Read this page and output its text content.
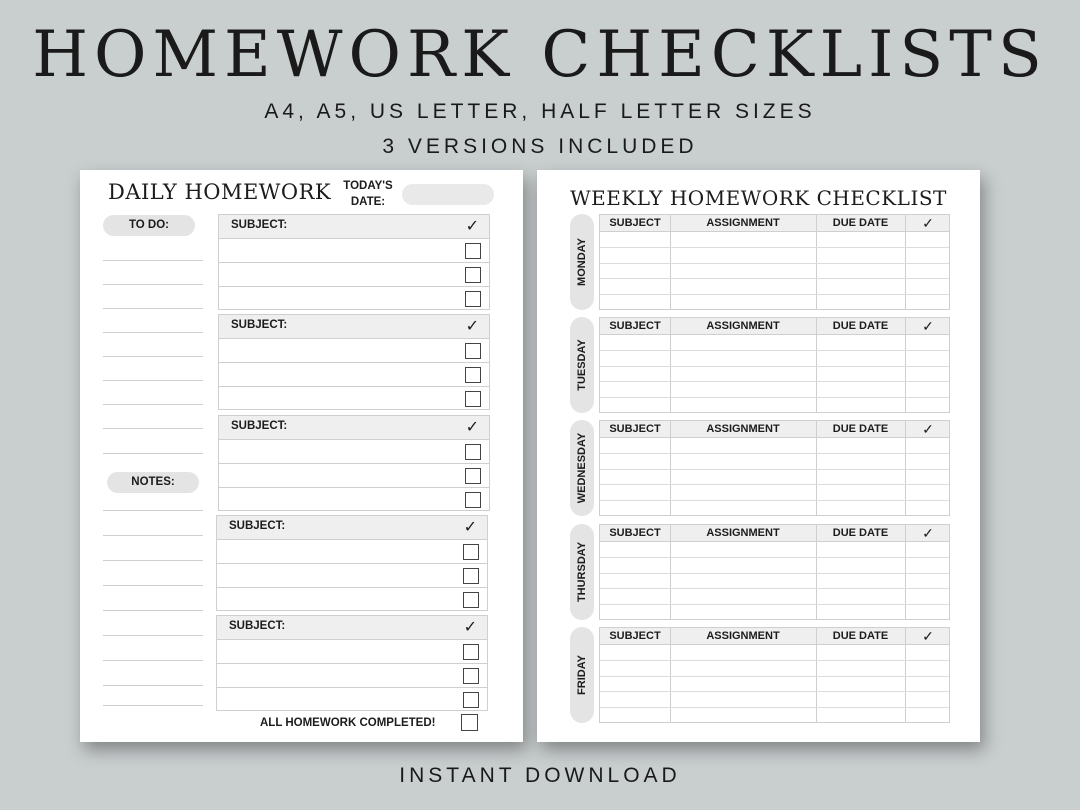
HOMEWORK CHECKLISTS
A4, A5, US LETTER, HALF LETTER SIZES
3 VERSIONS INCLUDED
DAILY HOMEWORK	TODAY'S DATE:
TO DO:
NOTES:
ALL HOMEWORK COMPLETED!
SUBJECT:	✓
SUBJECT:	✓
SUBJECT:	✓
SUBJECT:	✓
SUBJECT:	✓
WEEKLY HOMEWORK CHECKLIST
MONDAY
SUBJECT	ASSIGNMENT	DUE DATE	✓
TUESDAY
SUBJECT	ASSIGNMENT	DUE DATE	✓
WEDNESDAY
SUBJECT	ASSIGNMENT	DUE DATE	✓
THURSDAY
SUBJECT	ASSIGNMENT	DUE DATE	✓
FRIDAY
SUBJECT	ASSIGNMENT	DUE DATE	✓
INSTANT DOWNLOAD
